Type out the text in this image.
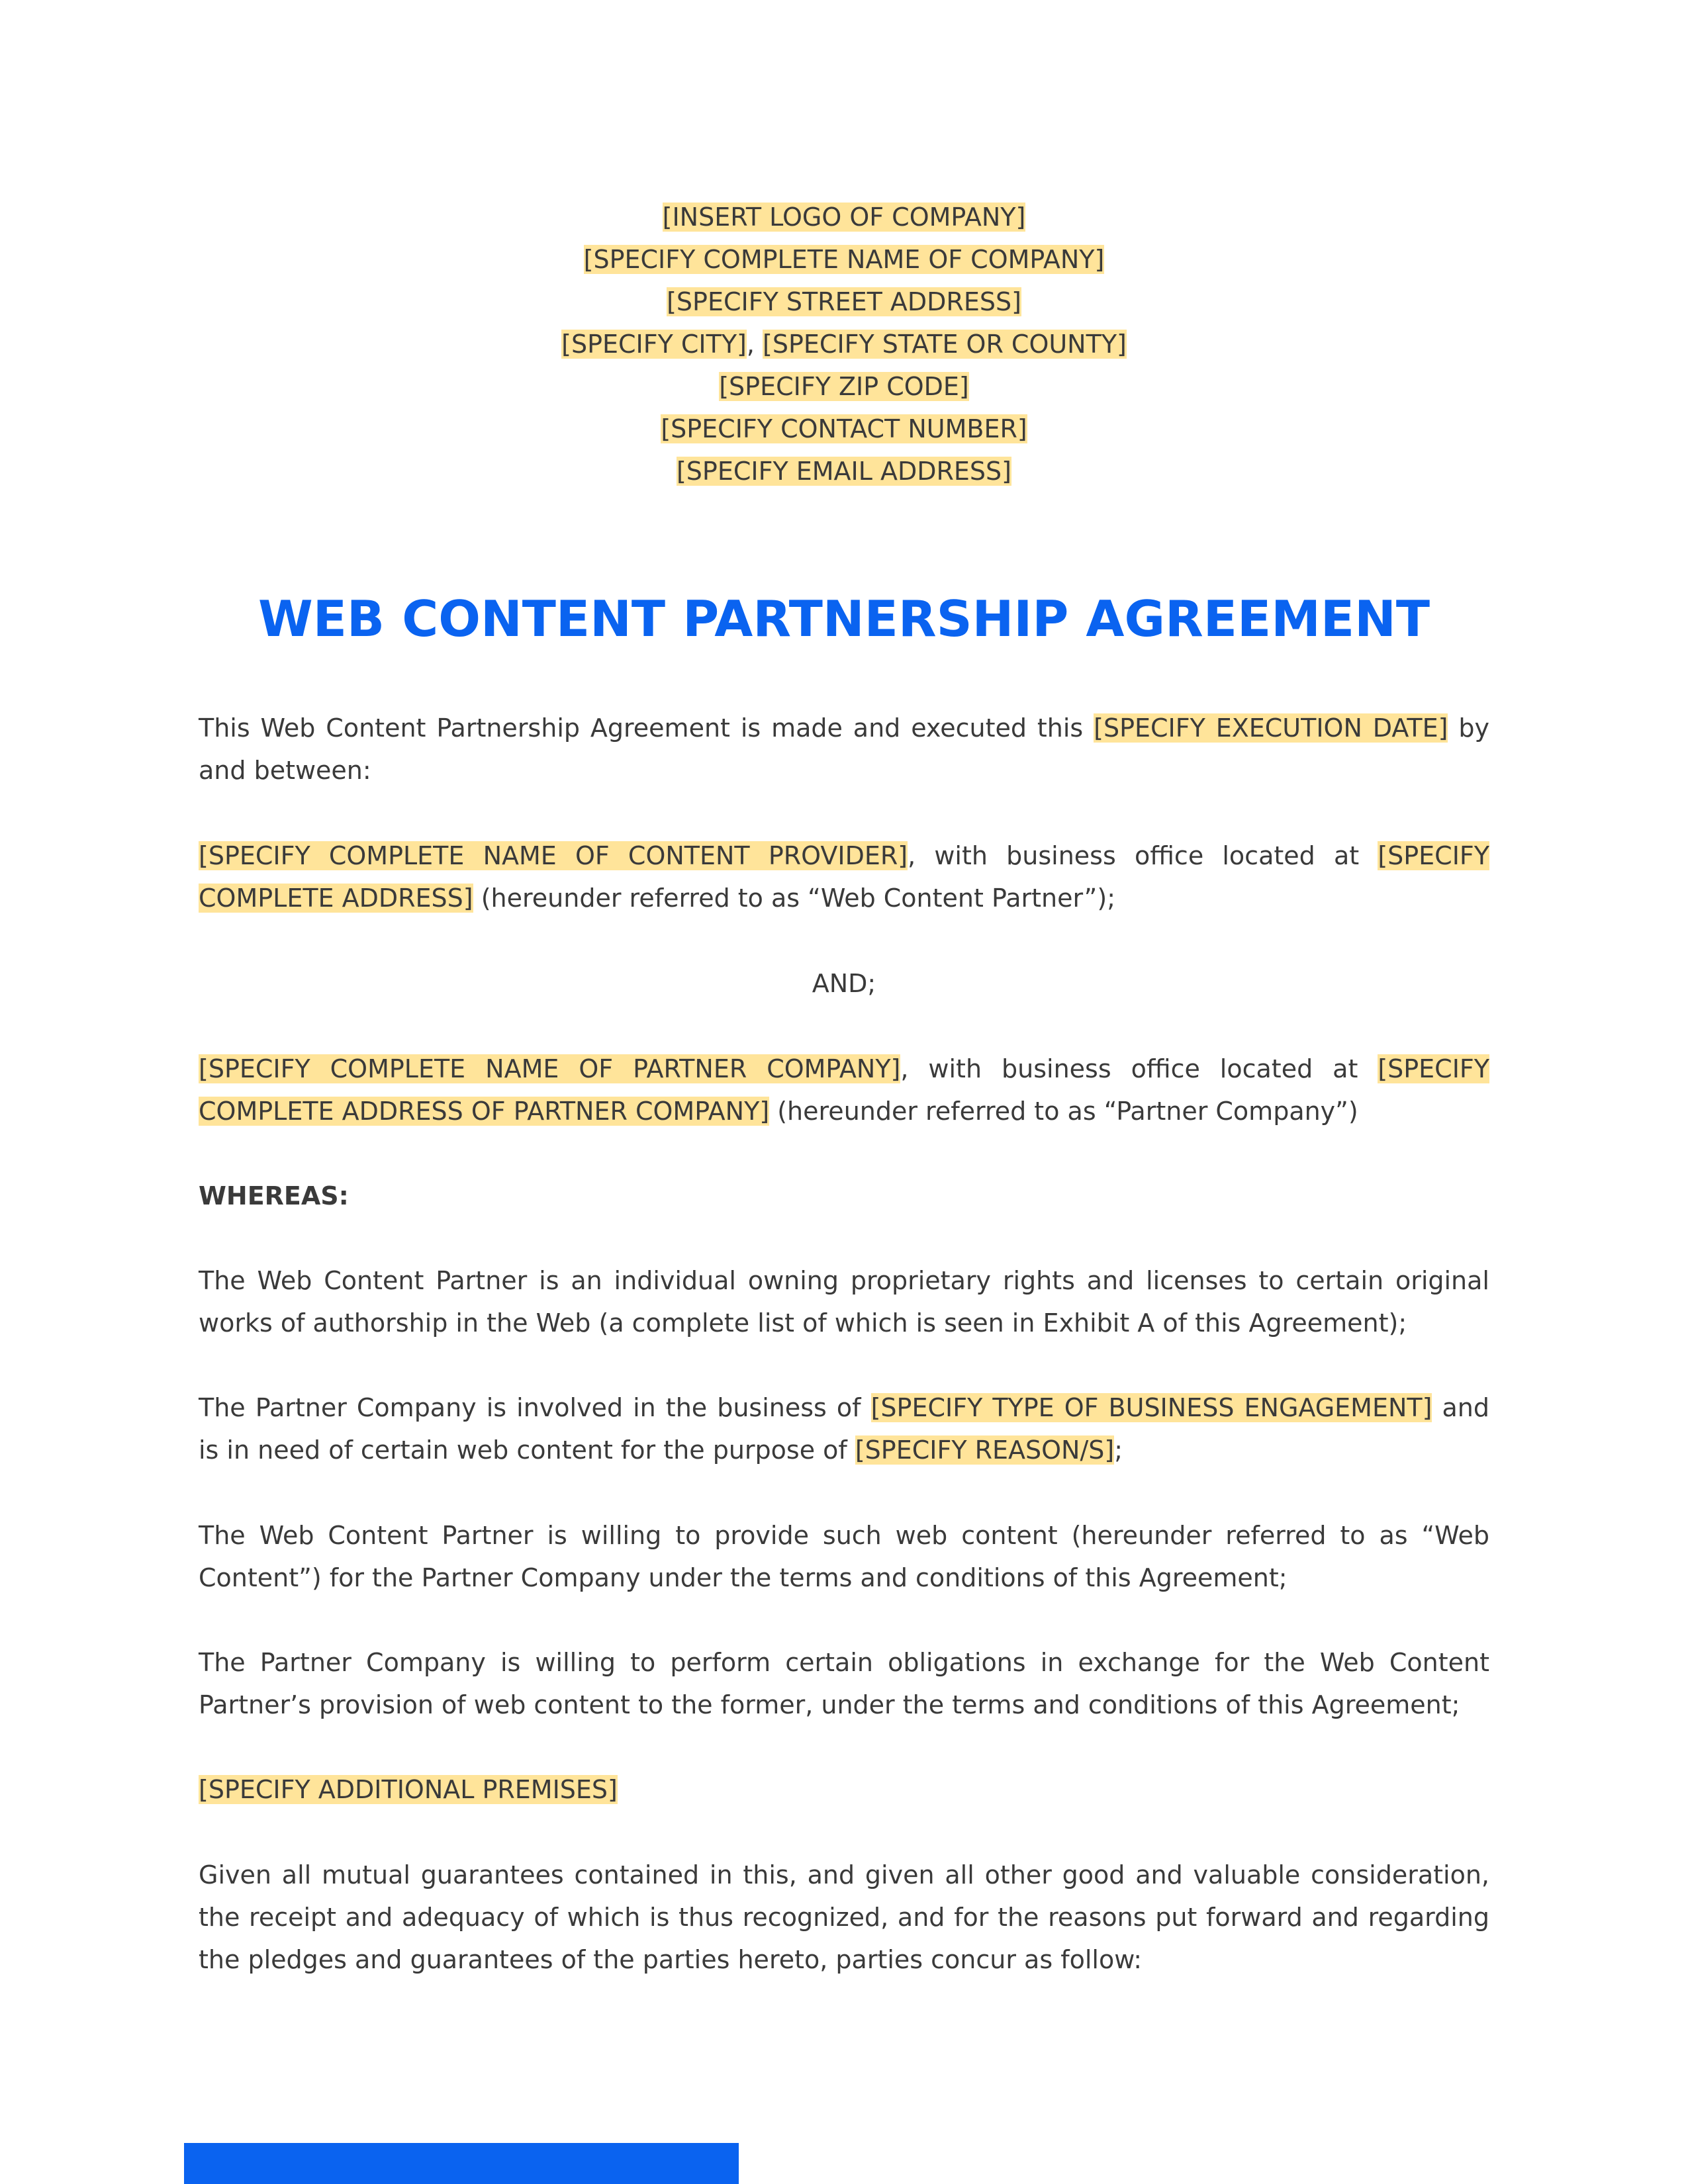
[INSERT LOGO OF COMPANY]
[SPECIFY COMPLETE NAME OF COMPANY]
[SPECIFY STREET ADDRESS]
[SPECIFY CITY], [SPECIFY STATE OR COUNTY]
[SPECIFY ZIP CODE]
[SPECIFY CONTACT NUMBER]
[SPECIFY EMAIL ADDRESS]
WEB CONTENT PARTNERSHIP AGREEMENT

This Web Content Partnership Agreement is made and executed this [SPECIFY EXECUTION DATE] by and between:

[SPECIFY COMPLETE NAME OF CONTENT PROVIDER], with business office located at [SPECIFY COMPLETE ADDRESS] (hereunder referred to as “Web Content Partner”);

AND;

[SPECIFY COMPLETE NAME OF PARTNER COMPANY], with business office located at [SPECIFY COMPLETE ADDRESS OF PARTNER COMPANY] (hereunder referred to as “Partner Company”)

WHEREAS:

The Web Content Partner is an individual owning proprietary rights and licenses to certain original works of authorship in the Web (a complete list of which is seen in Exhibit A of this Agreement);

The Partner Company is involved in the business of [SPECIFY TYPE OF BUSINESS ENGAGEMENT] and is in need of certain web content for the purpose of [SPECIFY REASON/S];

The Web Content Partner is willing to provide such web content (hereunder referred to as “Web Content”) for the Partner Company under the terms and conditions of this Agreement;

The Partner Company is willing to perform certain obligations in exchange for the Web Content Partner’s provision of web content to the former, under the terms and conditions of this Agreement;

[SPECIFY ADDITIONAL PREMISES]

Given all mutual guarantees contained in this, and given all other good and valuable consideration, the receipt and adequacy of which is thus recognized, and for the reasons put forward and regarding the pledges and guarantees of the parties hereto, parties concur as follow:
